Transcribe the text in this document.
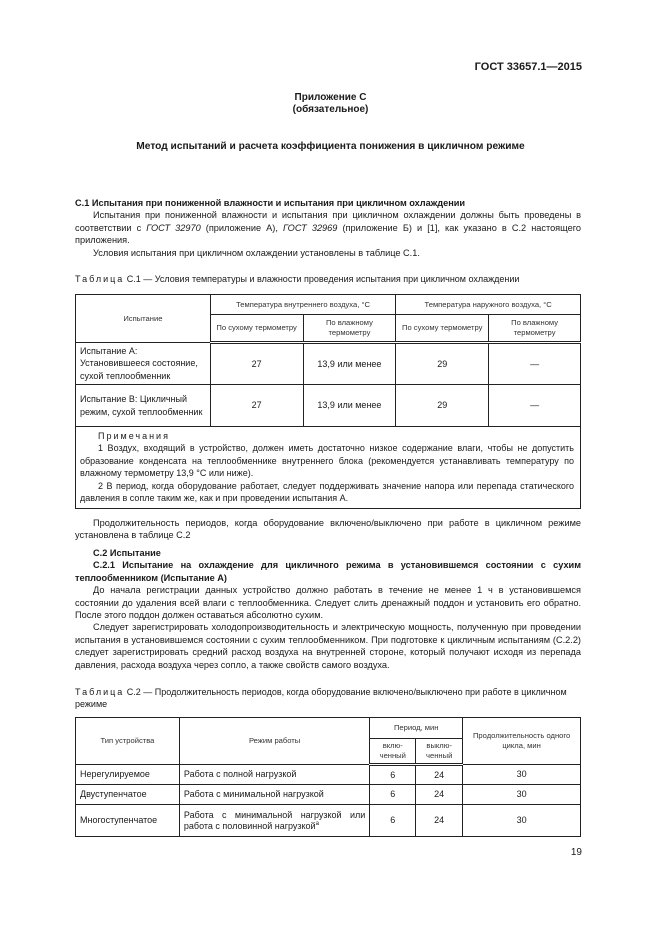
ГОСТ 33657.1—2015
Приложение С
(обязательное)
Метод испытаний и расчета коэффициента понижения в цикличном режиме

С.1 Испытания при пониженной влажности и испытания при цикличном охлаждении

Испытания при пониженной влажности и испытания при цикличном охлаждении должны быть проведены в соответствии с ГОСТ 32970 (приложение А), ГОСТ 32969 (приложение Б) и [1], как указано в С.2 настоящего приложения.

Условия испытания при цикличном охлаждении установлены в таблице С.1.

Таблица С.1 — Условия температуры и влажности проведения испытания при цикличном охлаждении
Испытание	Температура внутреннего воздуха, °С		Температура наружного воздуха, °С	
	По сухому термометру	По влажному термометру	По сухому термометру	По влажному термометру
Испытание А: Установившееся состояние, сухой теплообменник	27	13,9 или менее	29	—
Испытание В: Цикличный режим, сухой теплообменник	27	13,9 или менее	29	—

Примечания

1 Воздух, входящий в устройство, должен иметь достаточно низкое содержание влаги, чтобы не допустить образование конденсата на теплообменнике внутреннего блока (рекомендуется устанавливать температуру по влажному термометру 13,9 °С или ниже).

2 В период, когда оборудование работает, следует поддерживать значение напора или перепада статического давления в сопле таким же, как и при проведении испытания А.				

Продолжительность периодов, когда оборудование включено/выключено при работе в цикличном режиме установлена в таблице С.2

С.2 Испытание

С.2.1 Испытание на охлаждение для цикличного режима в установившемся состоянии с сухим теплообменником (Испытание А)

До начала регистрации данных устройство должно работать в течение не менее 1 ч в установившемся состоянии до удаления всей влаги с теплообменника. Следует слить дренажный поддон и установить его обратно. После этого поддон должен оставаться абсолютно сухим.

Следует зарегистрировать холодопроизводительность и электрическую мощность, полученную при проведении испытания в установившемся состоянии с сухим теплообменником. При подготовке к цикличным испытаниям (С.2.2) следует зарегистрировать средний расход воздуха на внутренней стороне, который получают исходя из перепада давления, расхода воздуха через сопло, а также свойств самого воздуха.

Таблица С.2 — Продолжительность периодов, когда оборудование включено/выключено при работе в цикличном режиме
Тип устройства	Режим работы	Период, мин		Продолжительность одного цикла, мин
		вклю-ченный	выклю-ченный	
Нерегулируемое	Работа с полной нагрузкой	6	24	30
Двуступенчатое	Работа с минимальной нагрузкой	6	24	30
Многоступенчатое	Работа с минимальной нагрузкой или работа с половинной нагрузкой$^а$	6	24	30
19
